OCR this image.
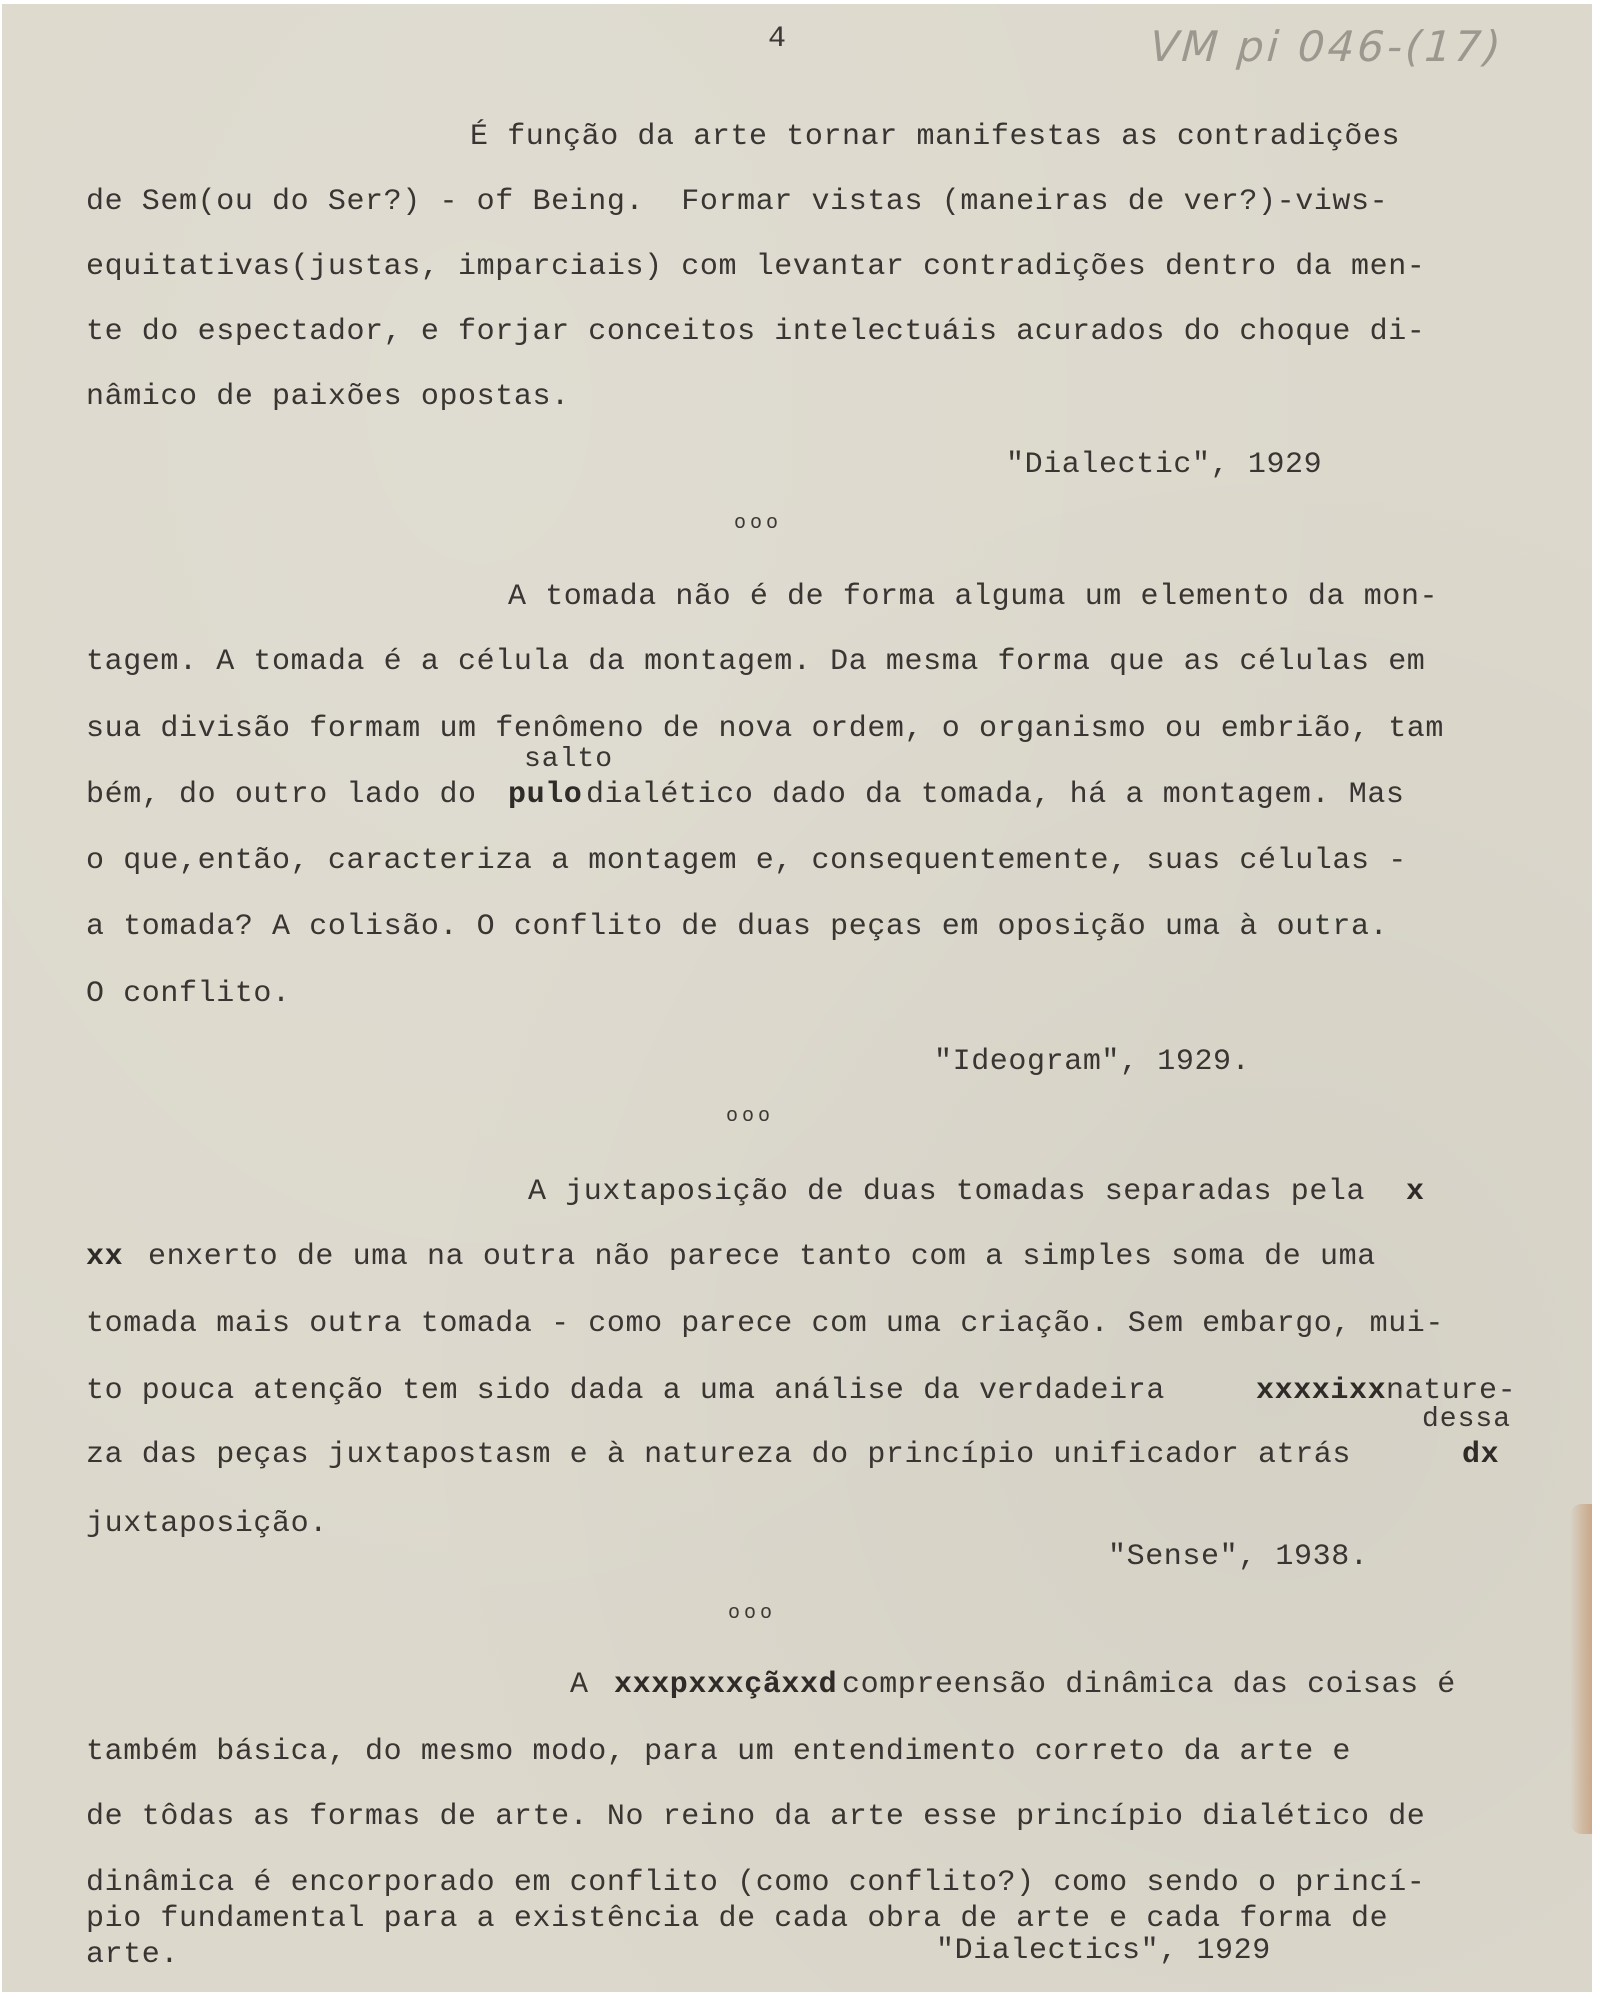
4	VM pi 046-(17)
É função da arte tornar manifestas as contradições
de Sem(ou do Ser?) - of Being.  Formar vistas (maneiras de ver?)-viws-
equitativas(justas, imparciais) com levantar contradições dentro da men-
te do espectador, e forjar conceitos intelectuáis acurados do choque di-
nâmico de paixões opostas.
"Dialectic", 1929
ooo
A tomada não é de forma alguma um elemento da mon-
tagem. A tomada é a célula da montagem. Da mesma forma que as células em
sua divisão formam um fenômeno de nova ordem, o organismo ou embrião, tam
salto
bém, do outro lado do pulo dialético dado da tomada, há a montagem. Mas
o que,então, caracteriza a montagem e, consequentemente, suas células -
a tomada? A colisão. O conflito de duas peças em oposição uma à outra.
O conflito.
"Ideogram", 1929.
ooo
A juxtaposição de duas tomadas separadas pela x
xx enxerto de uma na outra não parece tanto com a simples soma de uma
tomada mais outra tomada - como parece com uma criação. Sem embargo, mui-
to pouca atenção tem sido dada a uma análise da verdadeira	xxxxixx nature-
dessa
za das peças juxtapostasm e à natureza do princípio unificador atrás	dx
juxtaposição.
"Sense", 1938.
ooo
A xxxpxxxçãxxd compreensão dinâmica das coisas é
também básica, do mesmo modo, para um entendimento correto da arte e
de tôdas as formas de arte. No reino da arte esse princípio dialético de
dinâmica é encorporado em conflito (como conflito?) como sendo o princí-
pio fundamental para a existência de cada obra de arte e cada forma de
arte.	"Dialectics", 1929
